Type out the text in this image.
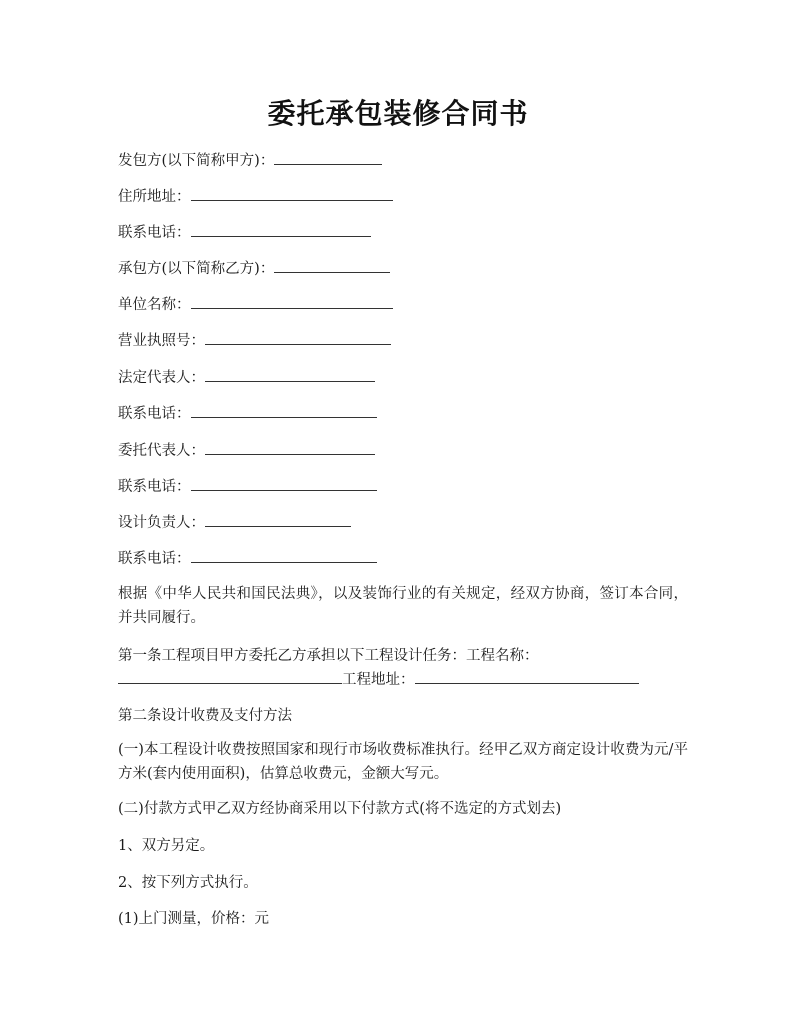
委托承包装修合同书
发包方(以下简称甲方)：
住所地址：
联系电话：
承包方(以下简称乙方)：
单位名称：
营业执照号：
法定代表人：
联系电话：
委托代表人：
联系电话：
设计负责人：
联系电话：
根据《中华人民共和国民法典》，以及装饰行业的有关规定，经双方协商，签订本合同，并共同履行。
第一条工程项目甲方委托乙方承担以下工程设计任务：工程名称：
工程地址：
第二条设计收费及支付方法
(一)本工程设计收费按照国家和现行市场收费标准执行。经甲乙双方商定设计收费为元/平方米(套内使用面积)，估算总收费元，金额大写元。
(二)付款方式甲乙双方经协商采用以下付款方式(将不选定的方式划去)
1、双方另定。
2、按下列方式执行。
(1)上门测量，价格：元
